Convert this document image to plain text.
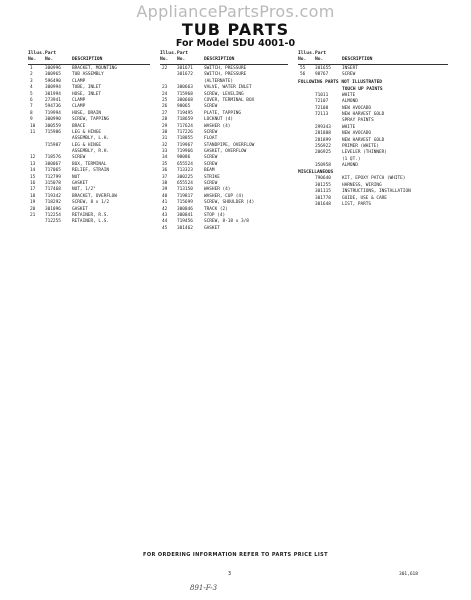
AppliancePartsPros.com
TUB PARTS
For Model SDU 4001-0
Illus. Part
No. No.	DESCRIPTION
1	300996	BRACKET, MOUNTING
2	300965	TUB ASSEMBLY
3	596490	CLAMP
4	300994	TUBE, INLET
5	301994	HOSE, INLET
6	273941	CLAMP
7	594736	CLAMP
8	719994	HOSE, DRAIN
9	300990	SCREW, TAPPING
10 300559	BRACE
11 715986	LEG & HINGE
ASSEMBLY, L.H.
715987	LEG & HINGE
ASSEMBLY, R.H.
12 718576	SCREW
13 300067	BOX, TERMINAL
14 717065	RELIEF, STRAIN
15 712799	NUT
16 315078	GASKET
17 717468	NUT, 1/2"
18 719342	BRACKET, OVERFLOW
19 718292	SCREW, 8 x 1/2
20 301096	GASKET
21 712254	RETAINER, R.S.
712255	RETAINER, L.S.
Illus. Part
No. No.	DESCRIPTION
22 301671	SWITCH, PRESSURE
301672	SWITCH, PRESSURE
(ALTERNATE)
23 300663	VALVE, WATER INLET
24 715968	SCREW, LEVELING
25 300668	COVER, TERMINAL BOX
26 98065	SCREW
27 719495	PLATE, TAPPING
28 718659	LOCKNUT (4)
29 717624	WASHER (4)
30 717226	SCREW
31 718855	FLOAT
32 719967	STANDPIPE, OVERFLOW
33 719966	GASKET, OVERFLOW
34 98086	SCREW
35 655524	SCREW
36 713323	BEAM
37 300225	STRIKE
38 655524	SCREW
39 713150	WASHER (4)
40 719817	WASHER, CUP (4)
41 715699	SCREW, SHOULDER (4)
42 300846	TRACK (2)
43 300841	STOP (4)
44 719456	SCREW, 8-18 x 3/8
45 301462	GASKET
Illus. Part
No. No.	DESCRIPTION
55 301655	INSERT
56 98767	SCREW
FOLLOWING PARTS NOT ILLUSTRATED
TOUCH UP PAINTS
71011	WHITE
72107	ALMOND
72108	NEW AVOCADO
72113	NEW HARVEST GOLD
SPRAY PAINTS
299343	WHITE
281888	NEW AVOCADO
281899	NEW HARVEST GOLD
256922	PRIMER (WHITE)
206925	LEVELER (THINNER)
(1 QT.)
350958	ALMOND
MISCELLANEOUS
790640	KIT, EPOXY PATCH (WHITE)
301255	HARNESS, WIRING
301115	INSTRUCTIONS, INSTALLATION
301778	GUIDE, USE & CARE
301648	LIST, PARTS
FOR ORDERING INFORMATION REFER TO PARTS PRICE LIST
3	301,618
891-F-3
